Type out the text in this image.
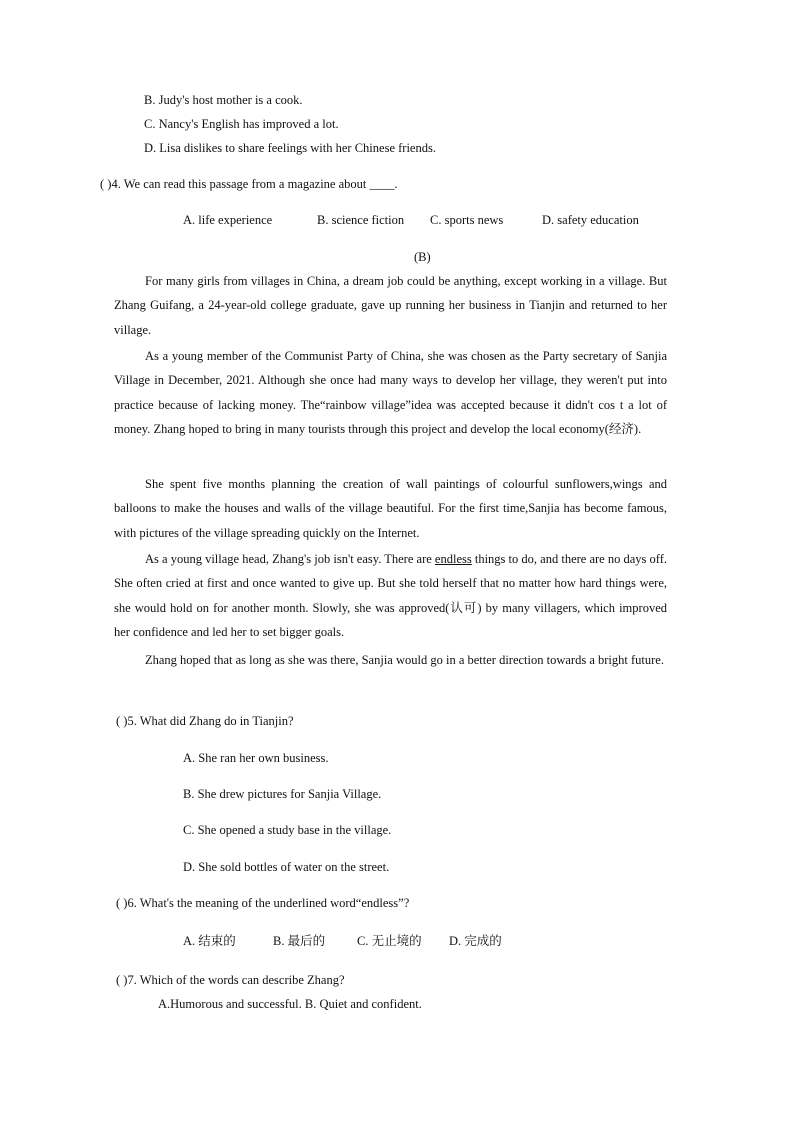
B. Judy's host mother is a cook.
C. Nancy's English has improved a lot.
D. Lisa dislikes to share feelings with her Chinese friends.
( )4. We can read this passage from a magazine about ____.
A. life experience	B. science fiction C. sports news	D. safety education
(B)

For many girls from villages in China, a dream job could be anything, except working in a village. But Zhang Guifang, a 24-year-old college graduate, gave up running her business in Tianjin and returned to her village.

As a young member of the Communist Party of China, she was chosen as the Party secretary of Sanjia Village in December, 2021. Although she once had many ways to develop her village, they weren't put into practice because of lacking money. The“rainbow village”idea was accepted because it didn't cos t a lot of money. Zhang hoped to bring in many tourists through this project and develop the local economy(经济).

She spent five months planning the creation of wall paintings of colourful sunflowers,wings and balloons to make the houses and walls of the village beautiful. For the first time,Sanjia has become famous, with pictures of the village spreading quickly on the Internet.

As a young village head, Zhang's job isn't easy. There are endless things to do, and there are no days off. She often cried at first and once wanted to give up. But she told herself that no matter how hard things were, she would hold on for another month. Slowly, she was approved(认可) by many villagers, which improved her confidence and led her to set bigger goals.

Zhang hoped that as long as she was there, Sanjia would go in a better direction towards a bright future.

( )5. What did Zhang do in Tianjin?
A. She ran her own business.
B. She drew pictures for Sanjia Village.
C. She opened a study base in the village.
D. She sold bottles of water on the street.
( )6. What's the meaning of the underlined word“endless”?
A. 结束的	B. 最后的	C. 无止境的 D. 完成的
( )7. Which of the words can describe Zhang?
A.Humorous and successful. B. Quiet and confident.
